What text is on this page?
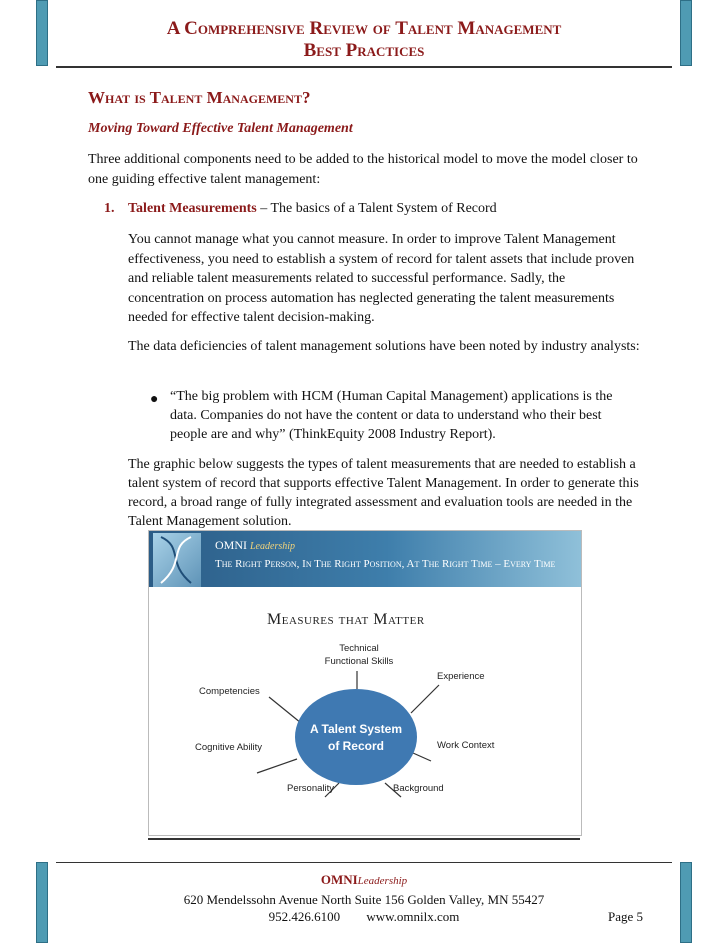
A Comprehensive Review of Talent Management
Best Practices
What is Talent Management?
Moving Toward Effective Talent Management
Three additional components need to be added to the historical model to move the model closer to one guiding effective talent management:
1. Talent Measurements – The basics of a Talent System of Record
You cannot manage what you cannot measure. In order to improve Talent Management effectiveness, you need to establish a system of record for talent assets that include proven and reliable talent measurements related to successful performance. Sadly, the concentration on process automation has neglected generating the talent measurements needed for effective talent decision-making.
The data deficiencies of talent management solutions have been noted by industry analysts:
● “The big problem with HCM (Human Capital Management) applications is the data. Companies do not have the content or data to understand who their best people are and why” (ThinkEquity 2008 Industry Report).
The graphic below suggests the types of talent measurements that are needed to establish a talent system of record that supports effective Talent Management. In order to generate this record, a broad range of fully integrated assessment and evaluation tools are needed in the Talent Management solution.
OMNI Leadership
The Right Person, In The Right Position, At The Right Time – Every Time
Measures that Matter
A Talent System
of Record
Technical
Functional Skills
Experience
Competencies
Cognitive Ability	Work Context
Personality	Background
OMNILeadership
620 Mendelssohn Avenue North Suite 156 Golden Valley, MN 55427
952.426.6100 www.omnilx.com	Page 5
